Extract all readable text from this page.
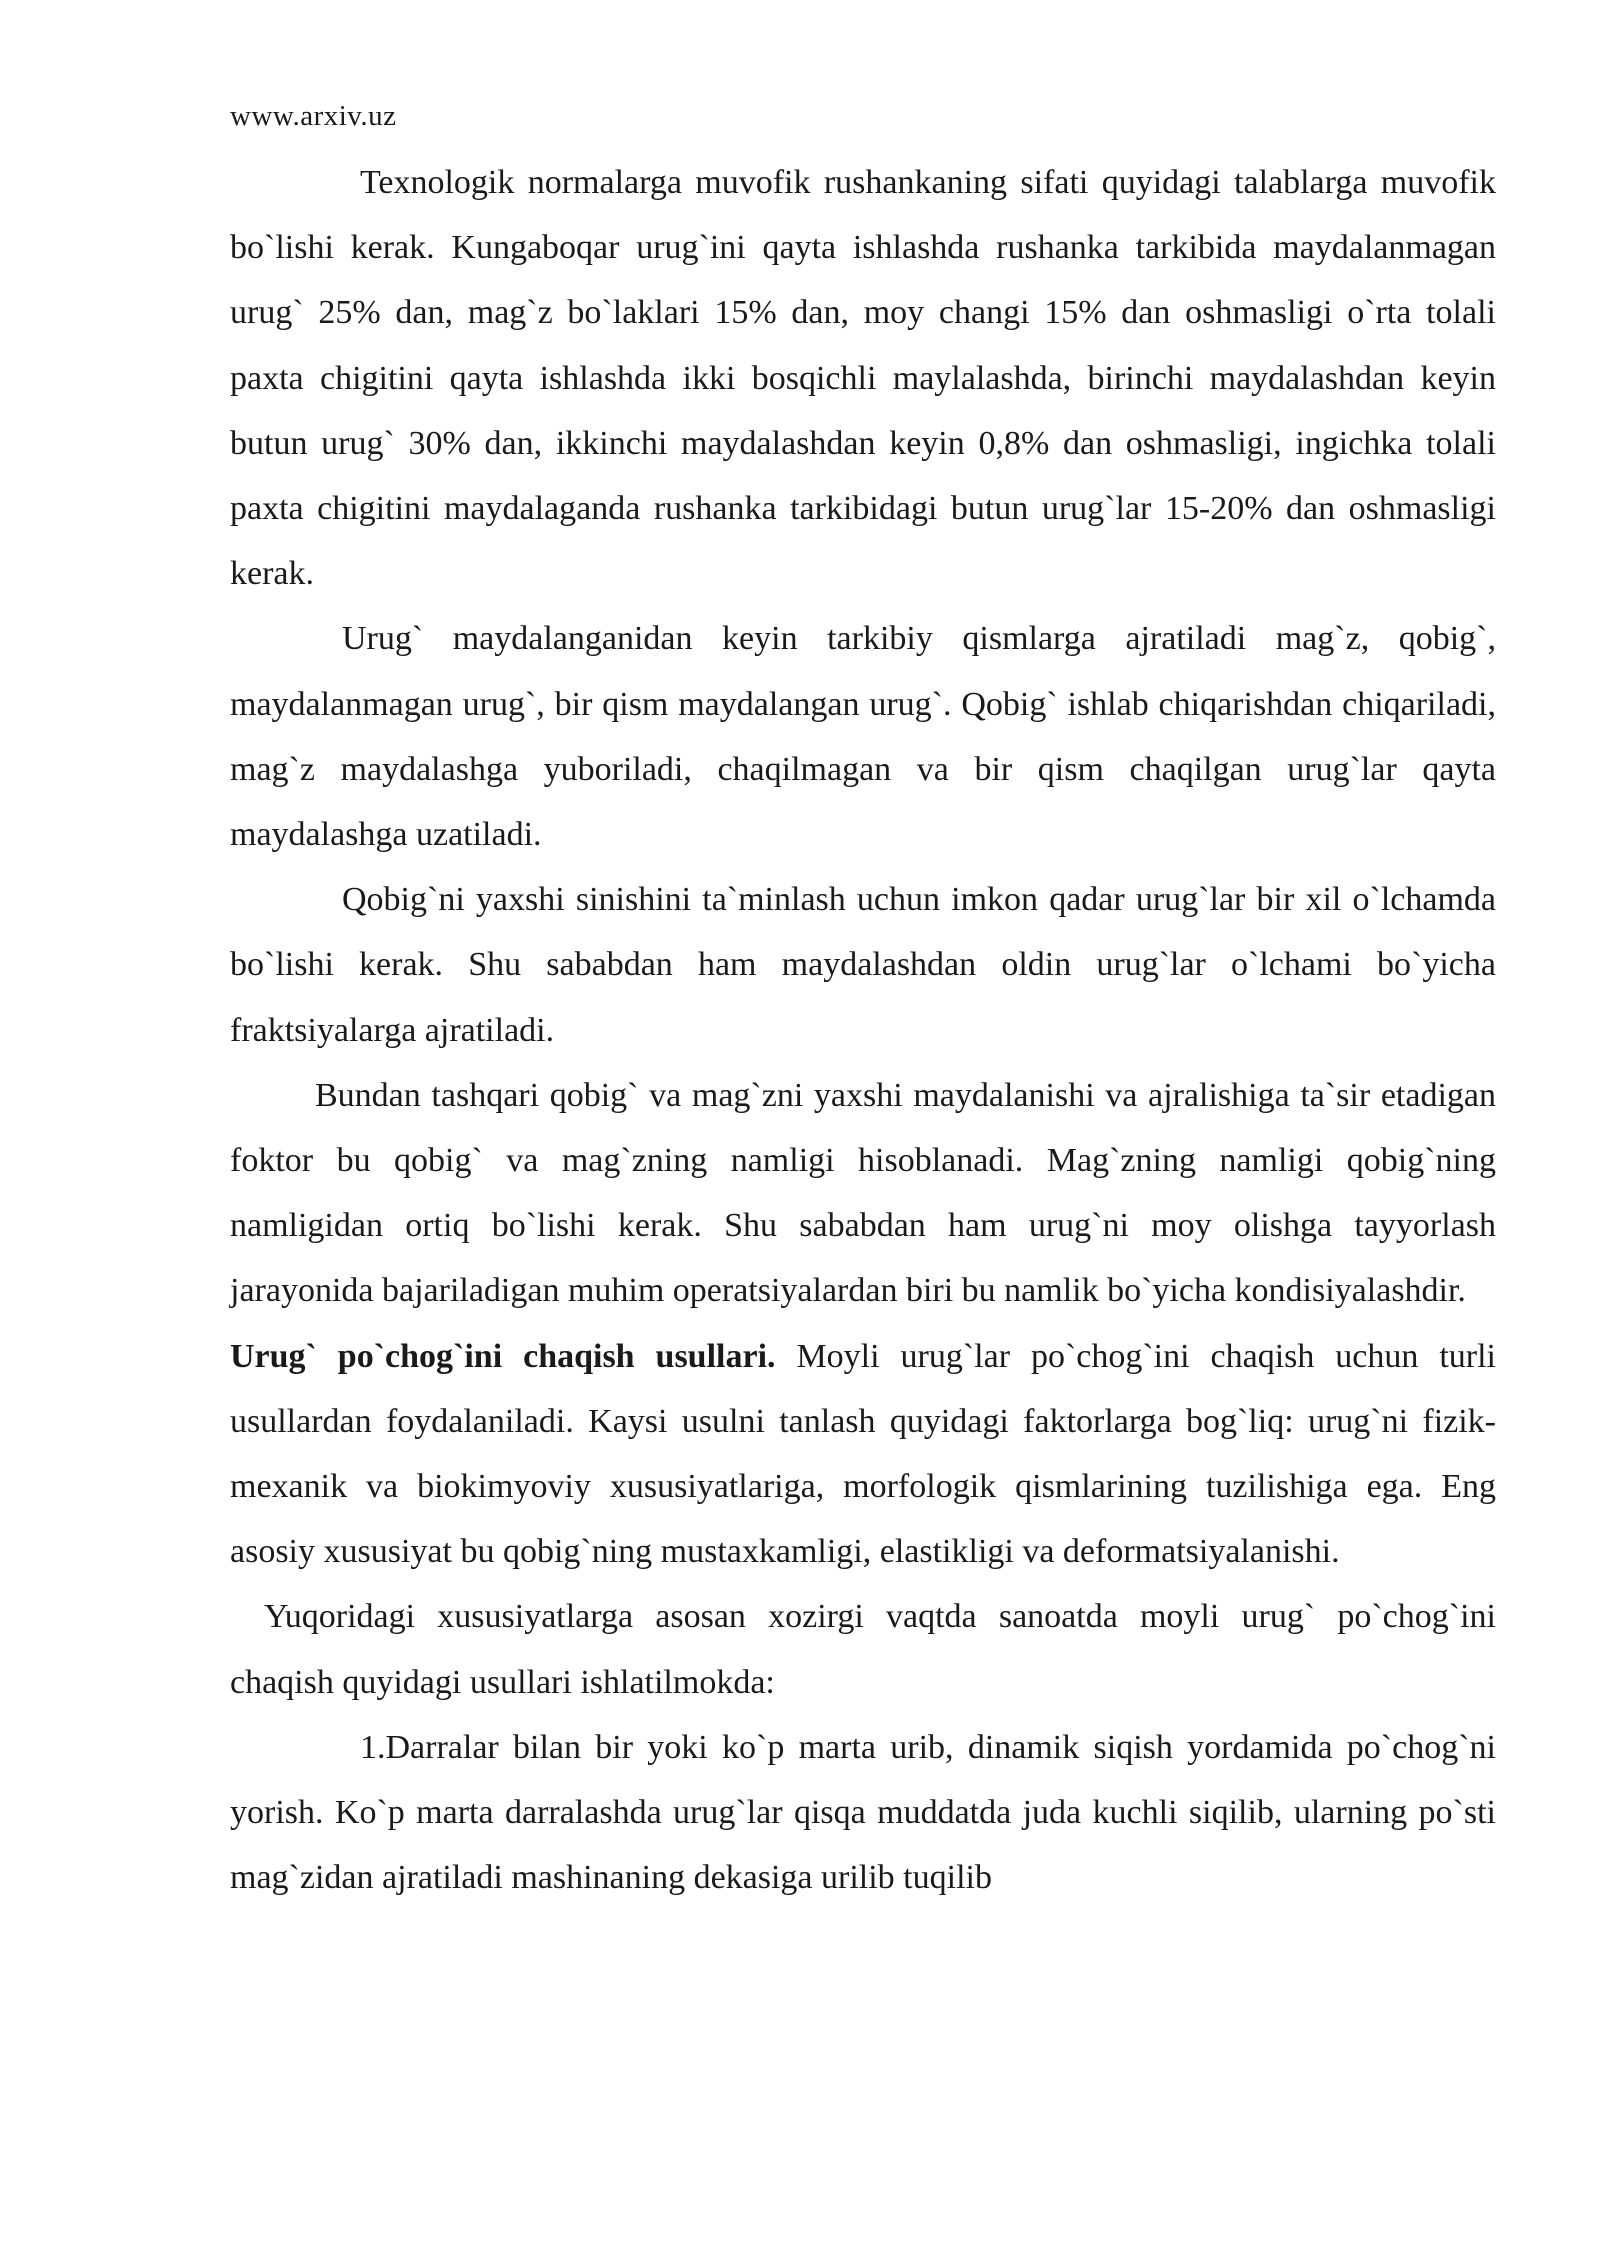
www.arxiv.uz

Texnologik normalarga muvofik rushankaning sifati quyidagi talablarga muvofik bo`lishi kerak. Kungaboqar urug`ini qayta ishlashda rushanka tarkibida maydalanmagan urug` 25% dan, mag`z bo`laklari 15% dan, moy changi 15% dan oshmasligi o`rta tolali paxta chigitini qayta ishlashda ikki bosqichli maylalashda, birinchi maydalashdan keyin butun urug` 30% dan, ikkinchi maydalashdan keyin 0,8% dan oshmasligi, ingichka tolali paxta chigitini maydalaganda rushanka tarkibidagi butun urug`lar 15-20% dan oshmasligi kerak.

Urug` maydalanganidan keyin tarkibiy qismlarga ajratiladi mag`z, qobig`, maydalanmagan urug`, bir qism maydalangan urug`. Qobig` ishlab chiqarishdan chiqariladi, mag`z maydalashga yuboriladi, chaqilmagan va bir qism chaqilgan urug`lar qayta maydalashga uzatiladi.

Qobig`ni yaxshi sinishini ta`minlash uchun imkon qadar urug`lar bir xil o`lchamda bo`lishi kerak. Shu sababdan ham maydalashdan oldin urug`lar o`lchami bo`yicha fraktsiyalarga ajratiladi.

Bundan tashqari qobig` va mag`zni yaxshi maydalanishi va ajralishiga ta`sir etadigan foktor bu qobig` va mag`zning namligi hisoblanadi. Mag`zning namligi qobig`ning namligidan ortiq bo`lishi kerak. Shu sababdan ham urug`ni moy olishga tayyorlash jarayonida bajariladigan muhim operatsiyalardan biri bu namlik bo`yicha kondisiyalashdir.

Urug` po`chog`ini chaqish usullari. Moyli urug`lar po`chog`ini chaqish uchun turli usullardan foydalaniladi. Kaysi usulni tanlash quyidagi faktorlarga bog`liq: urug`ni fizik-mexanik va biokimyoviy xususiyatlariga, morfologik qismlarining tuzilishiga ega. Eng asosiy xususiyat bu qobig`ning mustaxkamligi, elastikligi va deformatsiyalanishi.

Yuqoridagi xususiyatlarga asosan xozirgi vaqtda sanoatda moyli urug` po`chog`ini chaqish quyidagi usullari ishlatilmokda:

1.Darralar bilan bir yoki ko`p marta urib, dinamik siqish yordamida po`chog`ni yorish. Ko`p marta darralashda urug`lar qisqa muddatda juda kuchli siqilib, ularning po`sti mag`zidan ajratiladi mashinaning dekasiga urilib tuqilib
